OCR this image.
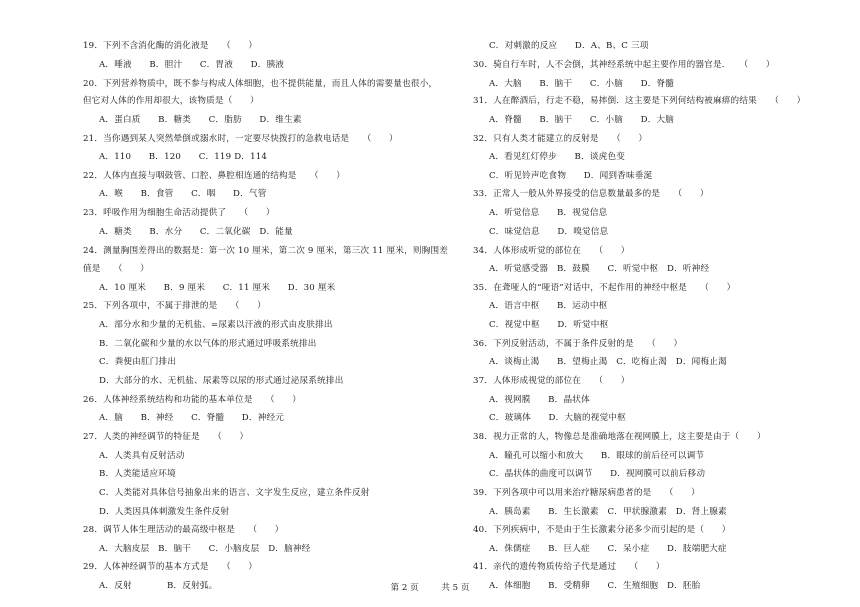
19．下列不含消化酶的消化液是　　（　　）
A．唾液　　B．胆汁　　C．胃液　　D．胰液
20．下列营养物质中，既不参与构成人体细胞，也不提供能量，而且人体的需要量也很小，
但它对人体的作用却很大，该物质是（　　）
A．蛋白质　　B．糖类　　C．脂肪　　D．维生素
21．当你遇到某人突然晕倒或溺水时，一定要尽快拨打的急救电话是　　（　　）
A．110　　B．120　　C．119 D．114
22．人体内直接与咽鼓管、口腔、鼻腔相连通的结构是　　（　　）
A．喉　　B．食管　　C．咽　　D．气管
23．呼吸作用为细胞生命活动提供了　　（　　）
A．糖类　　B．水分　　C．二氧化碳　D．能量
24．测量胸围差得出的数据是：第一次 10 厘米，第二次 9 厘米，第三次 11 厘米，则胸围差
值是　　（　　）
A．10 厘米　　B．9 厘米　　C．11 厘米　　D．30 厘米
25．下列各项中，不属于排泄的是　　（　　）
A．部分水和少量的无机盐、=尿素以汗液的形式由皮肤排出
B．二氧化碳和少量的水以气体的形式通过呼吸系统排出
C．粪便由肛门排出
D．大部分的水、无机盐、尿素等以尿的形式通过泌尿系统排出
26．人体神经系统结构和功能的基本单位是　　（　　）
A．脑　　B．神经　　C．脊髓　　D．神经元
27．人类的神经调节的特征是　　（　　）
A．人类具有反射活动
B．人类能适应环境
C．人类能对具体信号抽象出来的语言、文字发生反应，建立条件反射
D．人类因具体刺激发生条件反射
28．调节人体生理活动的最高级中枢是　　（　　）
A．大脑皮层　B．脑干　　C．小脑皮层　D．脑神经
29．人体神经调节的基本方式是　　（　　）
A．反射　　　　B．反射弧。
C．对刺激的反应　　D．A、B、C 三项
30．骑自行车时，人不会倒，其神经系统中起主要作用的器官是．　　（　　）
A．大脑　　B．脑干　　C．小脑　　D．脊髓
31．人在醉酒后，行走不稳，易摔倒．这主要是下列何结构被麻痹的结果　　（　　）
A．脊髓　　B．脑干　　C．小脑　　D．大脑
32．只有人类才能建立的反射是　　（　　）
A．看见红灯停步　　B．谈虎色变
C．听见铃声吃食物　　D．闻到香味垂涎
33．正常人一般从外界接受的信息数量最多的是　　（　　）
A．听觉信息　　B．视觉信息
C．味觉信息　　D．嗅觉信息
34．人体形成听觉的部位在　　（　　）
A．听觉感受器　B．鼓膜　　C．听觉中枢　D．听神经
35．在聋哑人的“哑语”对话中，不起作用的神经中枢是　　（　　）
A．语言中枢　　B．运动中枢
C．视觉中枢　　D．听觉中枢
36．下列反射活动，不属于条件反射的是　　（　　）
A．谈梅止渴　　B．望梅止渴　C．吃梅止渴　D．闻梅止渴
37．人体形成视觉的部位在　　（　　）
A．视网膜　　B．晶状体
C．玻璃体　　D．大脑的视觉中枢
38．视力正常的人，物像总是准确地落在视网膜上，这主要是由于（　　）
A．瞳孔可以缩小和放大　　B．眼球的前后径可以调节
C．晶状体的曲度可以调节　　D．视网膜可以前后移动
39．下列各项中可以用来治疗糖尿病患者的是　　（　　）
A．胰岛素　　B．生长激素　C．甲状腺激素　D．肾上腺素
40．下列疾病中，不是由于生长激素分泌多少而引起的是（　　）
A．侏儒症　　B．巨人症　　C．呆小症　　D．肢端肥大症
41．亲代的遗传物质传给子代是通过　　（　　）
A．体细胞　　B．受精卵　　C．生殖细胞　D．胚胎
第 2 页	共 5 页
